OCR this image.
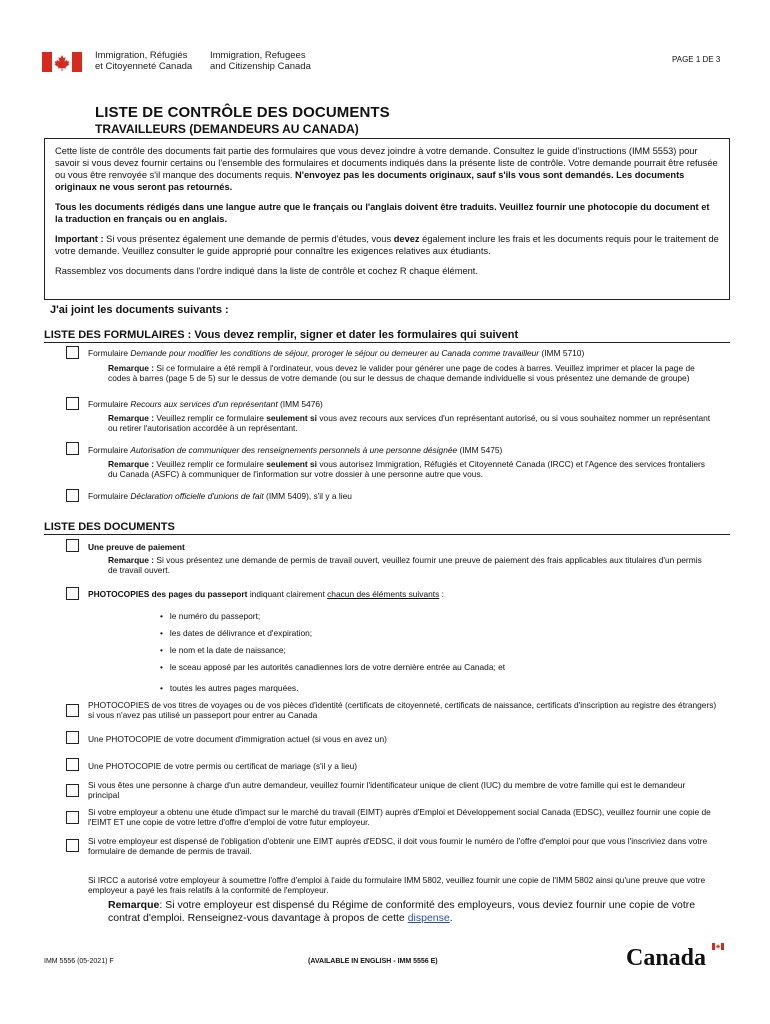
Immigration, Réfugiés
et Citoyenneté Canada
Immigration, Refugees
and Citizenship Canada
PAGE 1 DE 3
LISTE DE CONTRÔLE DES DOCUMENTS
TRAVAILLEURS (DEMANDEURS AU CANADA)

Cette liste de contrôle des documents fait partie des formulaires que vous devez joindre à votre demande. Consultez le guide d'instructions (IMM 5553) pour savoir si vous devez fournir certains ou l'ensemble des formulaires et documents indiqués dans la présente liste de contrôle. Votre demande pourrait être refusée ou vous être renvoyée s'il manque des documents requis. N'envoyez pas les documents originaux, sauf s'ils vous sont demandés. Les documents originaux ne vous seront pas retournés.

Tous les documents rédigés dans une langue autre que le français ou l'anglais doivent être traduits. Veuillez fournir une photocopie du document et la traduction en français ou en anglais.

Important : Si vous présentez également une demande de permis d'études, vous devez également inclure les frais et les documents requis pour le traitement de votre demande. Veuillez consulter le guide approprié pour connaître les exigences relatives aux étudiants.

Rassemblez vos documents dans l'ordre indiqué dans la liste de contrôle et cochez R chaque élément.

J'ai joint les documents suivants :
LISTE DES FORMULAIRES : Vous devez remplir, signer et dater les formulaires qui suivent
Formulaire Demande pour modifier les conditions de séjour, proroger le séjour ou demeurer au Canada comme travailleur (IMM 5710)
Remarque : Si ce formulaire a été rempli à l'ordinateur, vous devez le valider pour générer une page de codes à barres. Veuillez imprimer et placer la page de codes à barres (page 5 de 5) sur le dessus de votre demande (ou sur le dessus de chaque demande individuelle si vous présentez une demande de groupe)
Formulaire Recours aux services d'un représentant (IMM 5476)
Remarque : Veuillez remplir ce formulaire seulement si vous avez recours aux services d'un représentant autorisé, ou si vous souhaitez nommer un représentant ou retirer l'autorisation accordée à un représentant.
Formulaire Autorisation de communiquer des renseignements personnels à une personne désignée (IMM 5475)
Remarque : Veuillez remplir ce formulaire seulement si vous autorisez Immigration, Réfugiés et Citoyenneté Canada (IRCC) et l'Agence des services frontaliers du Canada (ASFC) à communiquer de l'information sur votre dossier à une personne autre que vous.
Formulaire Déclaration officielle d'unions de fait (IMM 5409), s'il y a lieu
LISTE DES DOCUMENTS
Une preuve de paiement
Remarque : Si vous présentez une demande de permis de travail ouvert, veuillez fournir une preuve de paiement des frais applicables aux titulaires d'un permis de travail ouvert.
PHOTOCOPIES des pages du passeport indiquant clairement chacun des éléments suivants :
•   le numéro du passeport;
•   les dates de délivrance et d'expiration;
•   le nom et la date de naissance;
•   le sceau apposé par les autorités canadiennes lors de votre dernière entrée au Canada; et
•   toutes les autres pages marquées.
PHOTOCOPIES de vos titres de voyages ou de vos pièces d'identité (certificats de citoyenneté, certificats de naissance, certificats d'inscription au registre des étrangers) si vous n'avez pas utilisé un passeport pour entrer au Canada
Une PHOTOCOPIE de votre document d'immigration actuel (si vous en avez un)
Une PHOTOCOPIE de votre permis ou certificat de mariage (s'il y a lieu)
Si vous êtes une personne à charge d'un autre demandeur, veuillez fournir l'identificateur unique de client (IUC) du membre de votre famille qui est le demandeur principal
Si votre employeur a obtenu une étude d'impact sur le marché du travail (EIMT) auprès d'Emploi et Développement social Canada (EDSC), veuillez fournir une copie de l'EIMT ET une copie de votre lettre d'offre d'emploi de votre futur employeur.
Si votre employeur est dispensé de l'obligation d'obtenir une EIMT auprès d'EDSC, il doit vous fournir le numéro de l'offre d'emploi pour que vous l'inscriviez dans votre formulaire de demande de permis de travail.
Si IRCC a autorisé votre employeur à soumettre l'offre d'emploi à l'aide du formulaire IMM 5802, veuillez fournir une copie de l'IMM 5802 ainsi qu'une preuve que votre employeur a payé les frais relatifs à la conformité de l'employeur.
Remarque: Si votre employeur est dispensé du Régime de conformité des employeurs, vous deviez fournir une copie de votre contrat d'emploi. Renseignez-vous davantage à propos de cette dispense.
IMM 5556 (05-2021) F	(AVAILABLE IN ENGLISH - IMM 5556 E)	Canada
